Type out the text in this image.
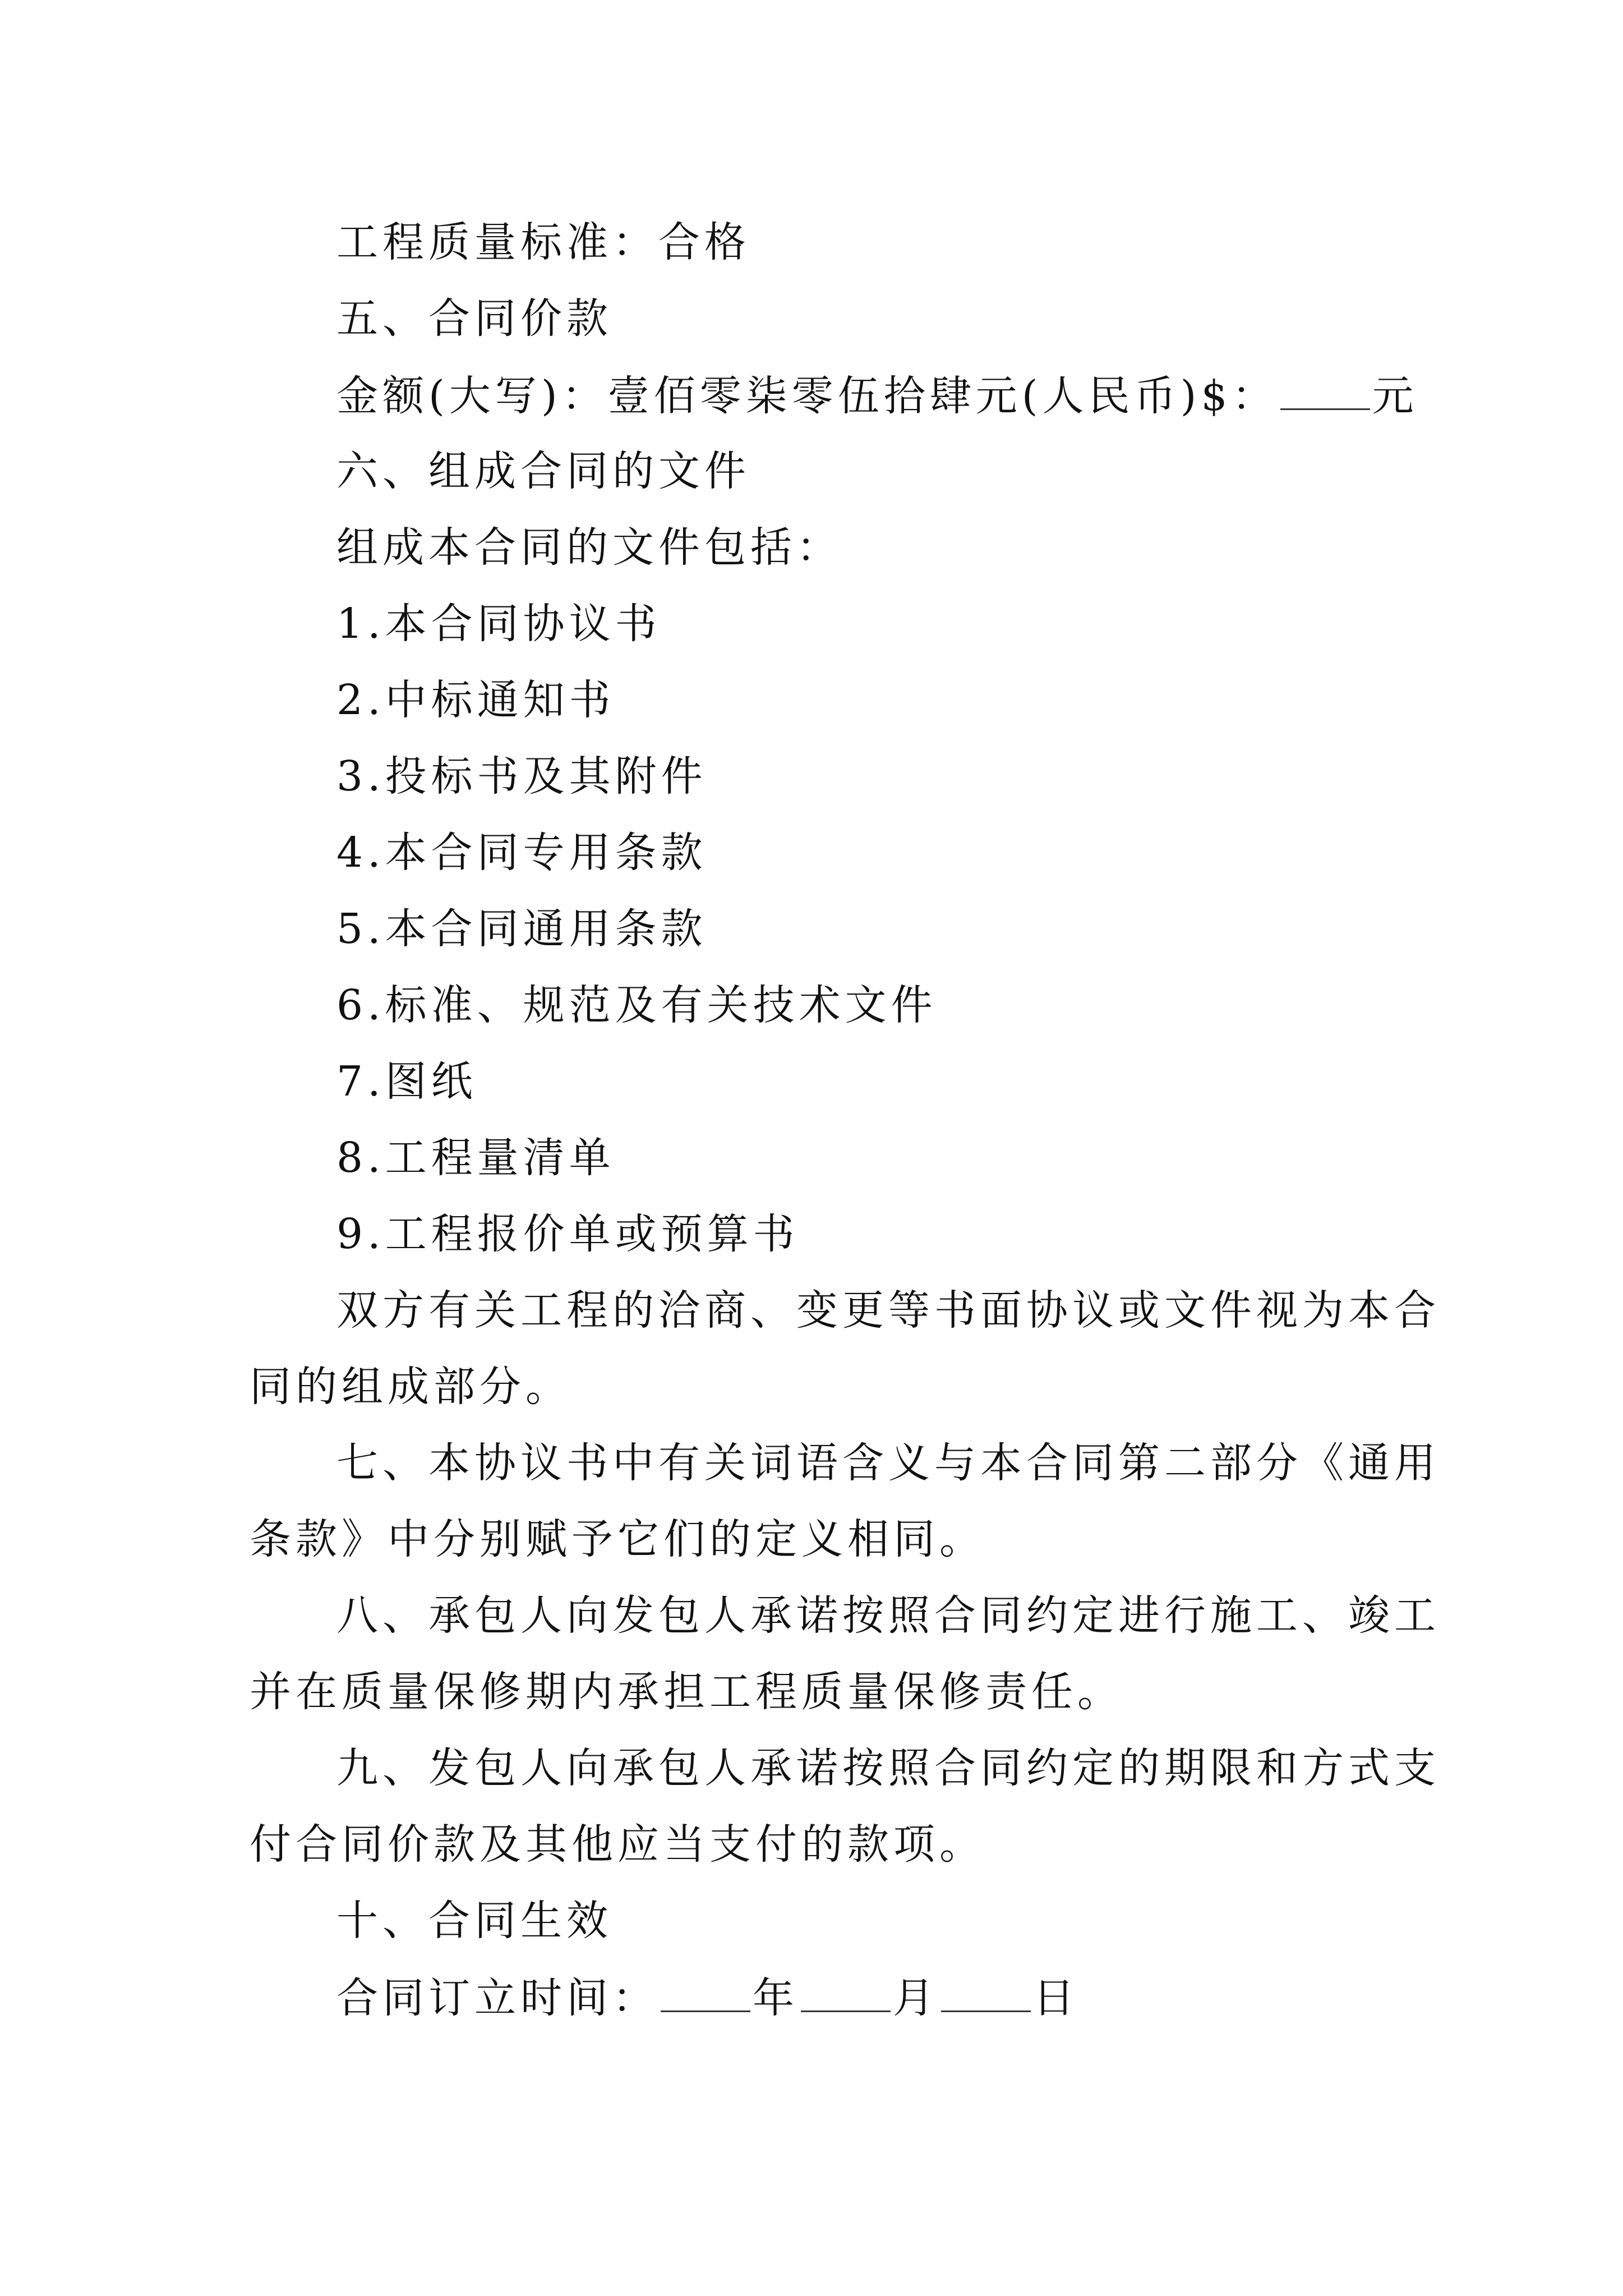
工程质量标准：合格
五、合同价款
金额(大写)：壹佰零柒零伍拾肆元(人民币)$： 元
六、组成合同的文件
组成本合同的文件包括：
1.本合同协议书
2.中标通知书
3.投标书及其附件
4.本合同专用条款
5.本合同通用条款
6.标准、规范及有关技术文件
7.图纸
8.工程量清单
9.工程报价单或预算书
双方有关工程的洽商、变更等书面协议或文件视为本合
同的组成部分。
七、本协议书中有关词语含义与本合同第二部分《通用
条款》中分别赋予它们的定义相同。
八、承包人向发包人承诺按照合同约定进行施工、竣工
并在质量保修期内承担工程质量保修责任。
九、发包人向承包人承诺按照合同约定的期限和方式支
付合同价款及其他应当支付的款项。
十、合同生效
合同订立时间： 年 月 日
